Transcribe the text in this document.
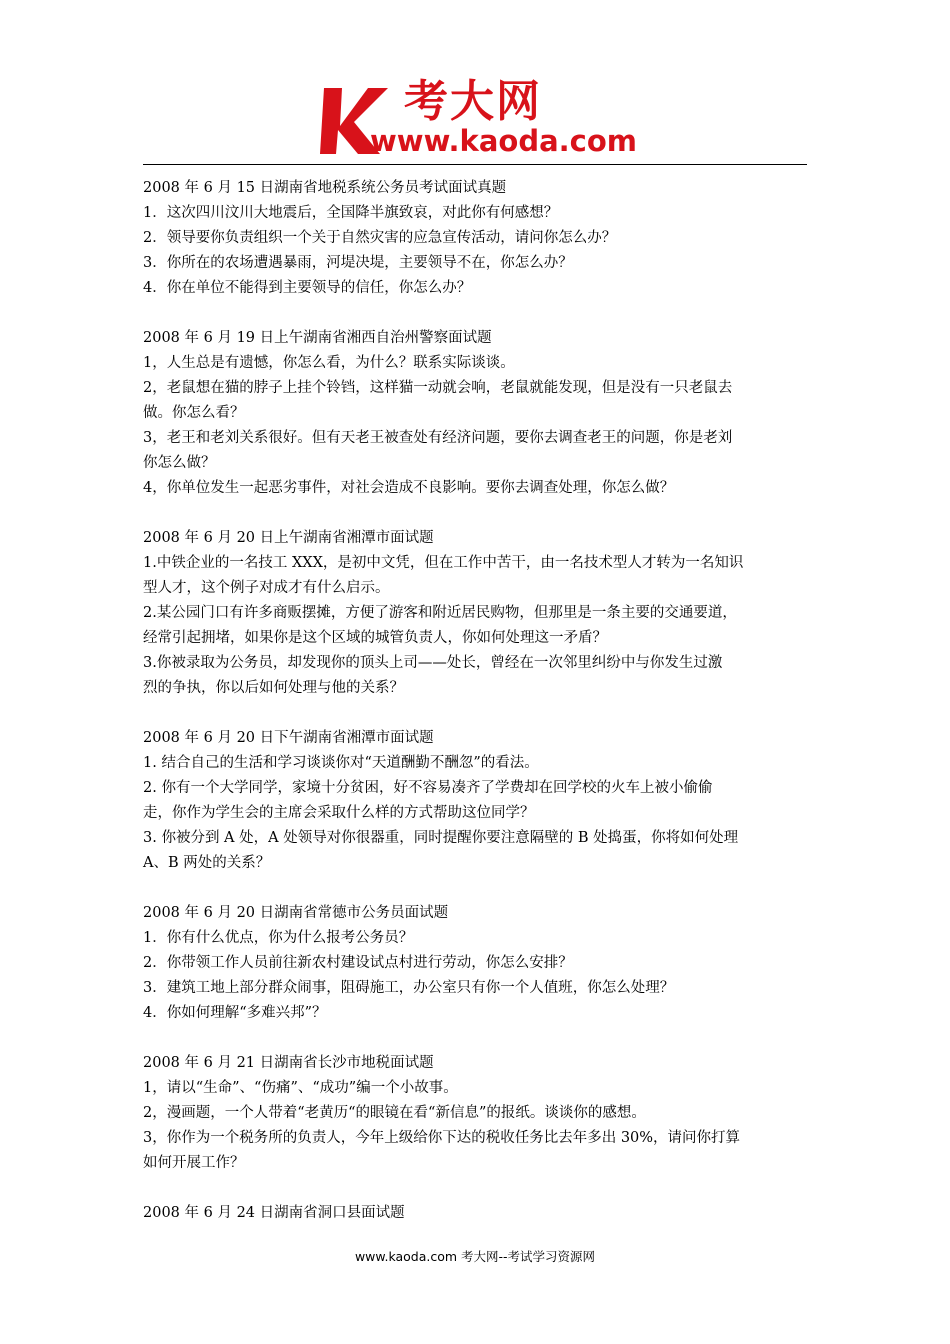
考大网
www.kaoda.com
2008 年 6 月 15 日湖南省地税系统公务员考试面试真题
1．这次四川汶川大地震后，全国降半旗致哀，对此你有何感想？
2．领导要你负责组织一个关于自然灾害的应急宣传活动，请问你怎么办？
3．你所在的农场遭遇暴雨，河堤决堤，主要领导不在，你怎么办？
4．你在单位不能得到主要领导的信任，你怎么办？
2008 年 6 月 19 日上午湖南省湘西自治州警察面试题
1，人生总是有遗憾，你怎么看，为什么？联系实际谈谈。
2，老鼠想在猫的脖子上挂个铃铛，这样猫一动就会响，老鼠就能发现，但是没有一只老鼠去
做。你怎么看？
3，老王和老刘关系很好。但有天老王被查处有经济问题，要你去调查老王的问题，你是老刘
你怎么做？
4，你单位发生一起恶劣事件，对社会造成不良影响。要你去调查处理，你怎么做？
2008 年 6 月 20 日上午湖南省湘潭市面试题
1.中铁企业的一名技工 XXX，是初中文凭，但在工作中苦干，由一名技术型人才转为一名知识
型人才，这个例子对成才有什么启示。
2.某公园门口有许多商贩摆摊，方便了游客和附近居民购物，但那里是一条主要的交通要道，
经常引起拥堵，如果你是这个区域的城管负责人，你如何处理这一矛盾？
3.你被录取为公务员，却发现你的顶头上司——处长，曾经在一次邻里纠纷中与你发生过激
烈的争执，你以后如何处理与他的关系？
2008 年 6 月 20 日下午湖南省湘潭市面试题
1. 结合自己的生活和学习谈谈你对“天道酬勤不酬忽”的看法。
2. 你有一个大学同学，家境十分贫困，好不容易凑齐了学费却在回学校的火车上被小偷偷
走，你作为学生会的主席会采取什么样的方式帮助这位同学？
3. 你被分到 A 处，A 处领导对你很器重，同时提醒你要注意隔壁的 B 处捣蛋，你将如何处理
A、B 两处的关系？
2008 年 6 月 20 日湖南省常德市公务员面试题
1．你有什么优点，你为什么报考公务员？
2．你带领工作人员前往新农村建设试点村进行劳动，你怎么安排？
3．建筑工地上部分群众闹事，阻碍施工，办公室只有你一个人值班，你怎么处理？
4．你如何理解“多难兴邦”？
2008 年 6 月 21 日湖南省长沙市地税面试题
1，请以“生命”、“伤痛”、“成功”编一个小故事。
2，漫画题，一个人带着“老黄历“的眼镜在看“新信息”的报纸。谈谈你的感想。
3，你作为一个税务所的负责人，今年上级给你下达的税收任务比去年多出 30%，请问你打算
如何开展工作？
2008 年 6 月 24 日湖南省洞口县面试题
www.kaoda.com 考大网--考试学习资源网
